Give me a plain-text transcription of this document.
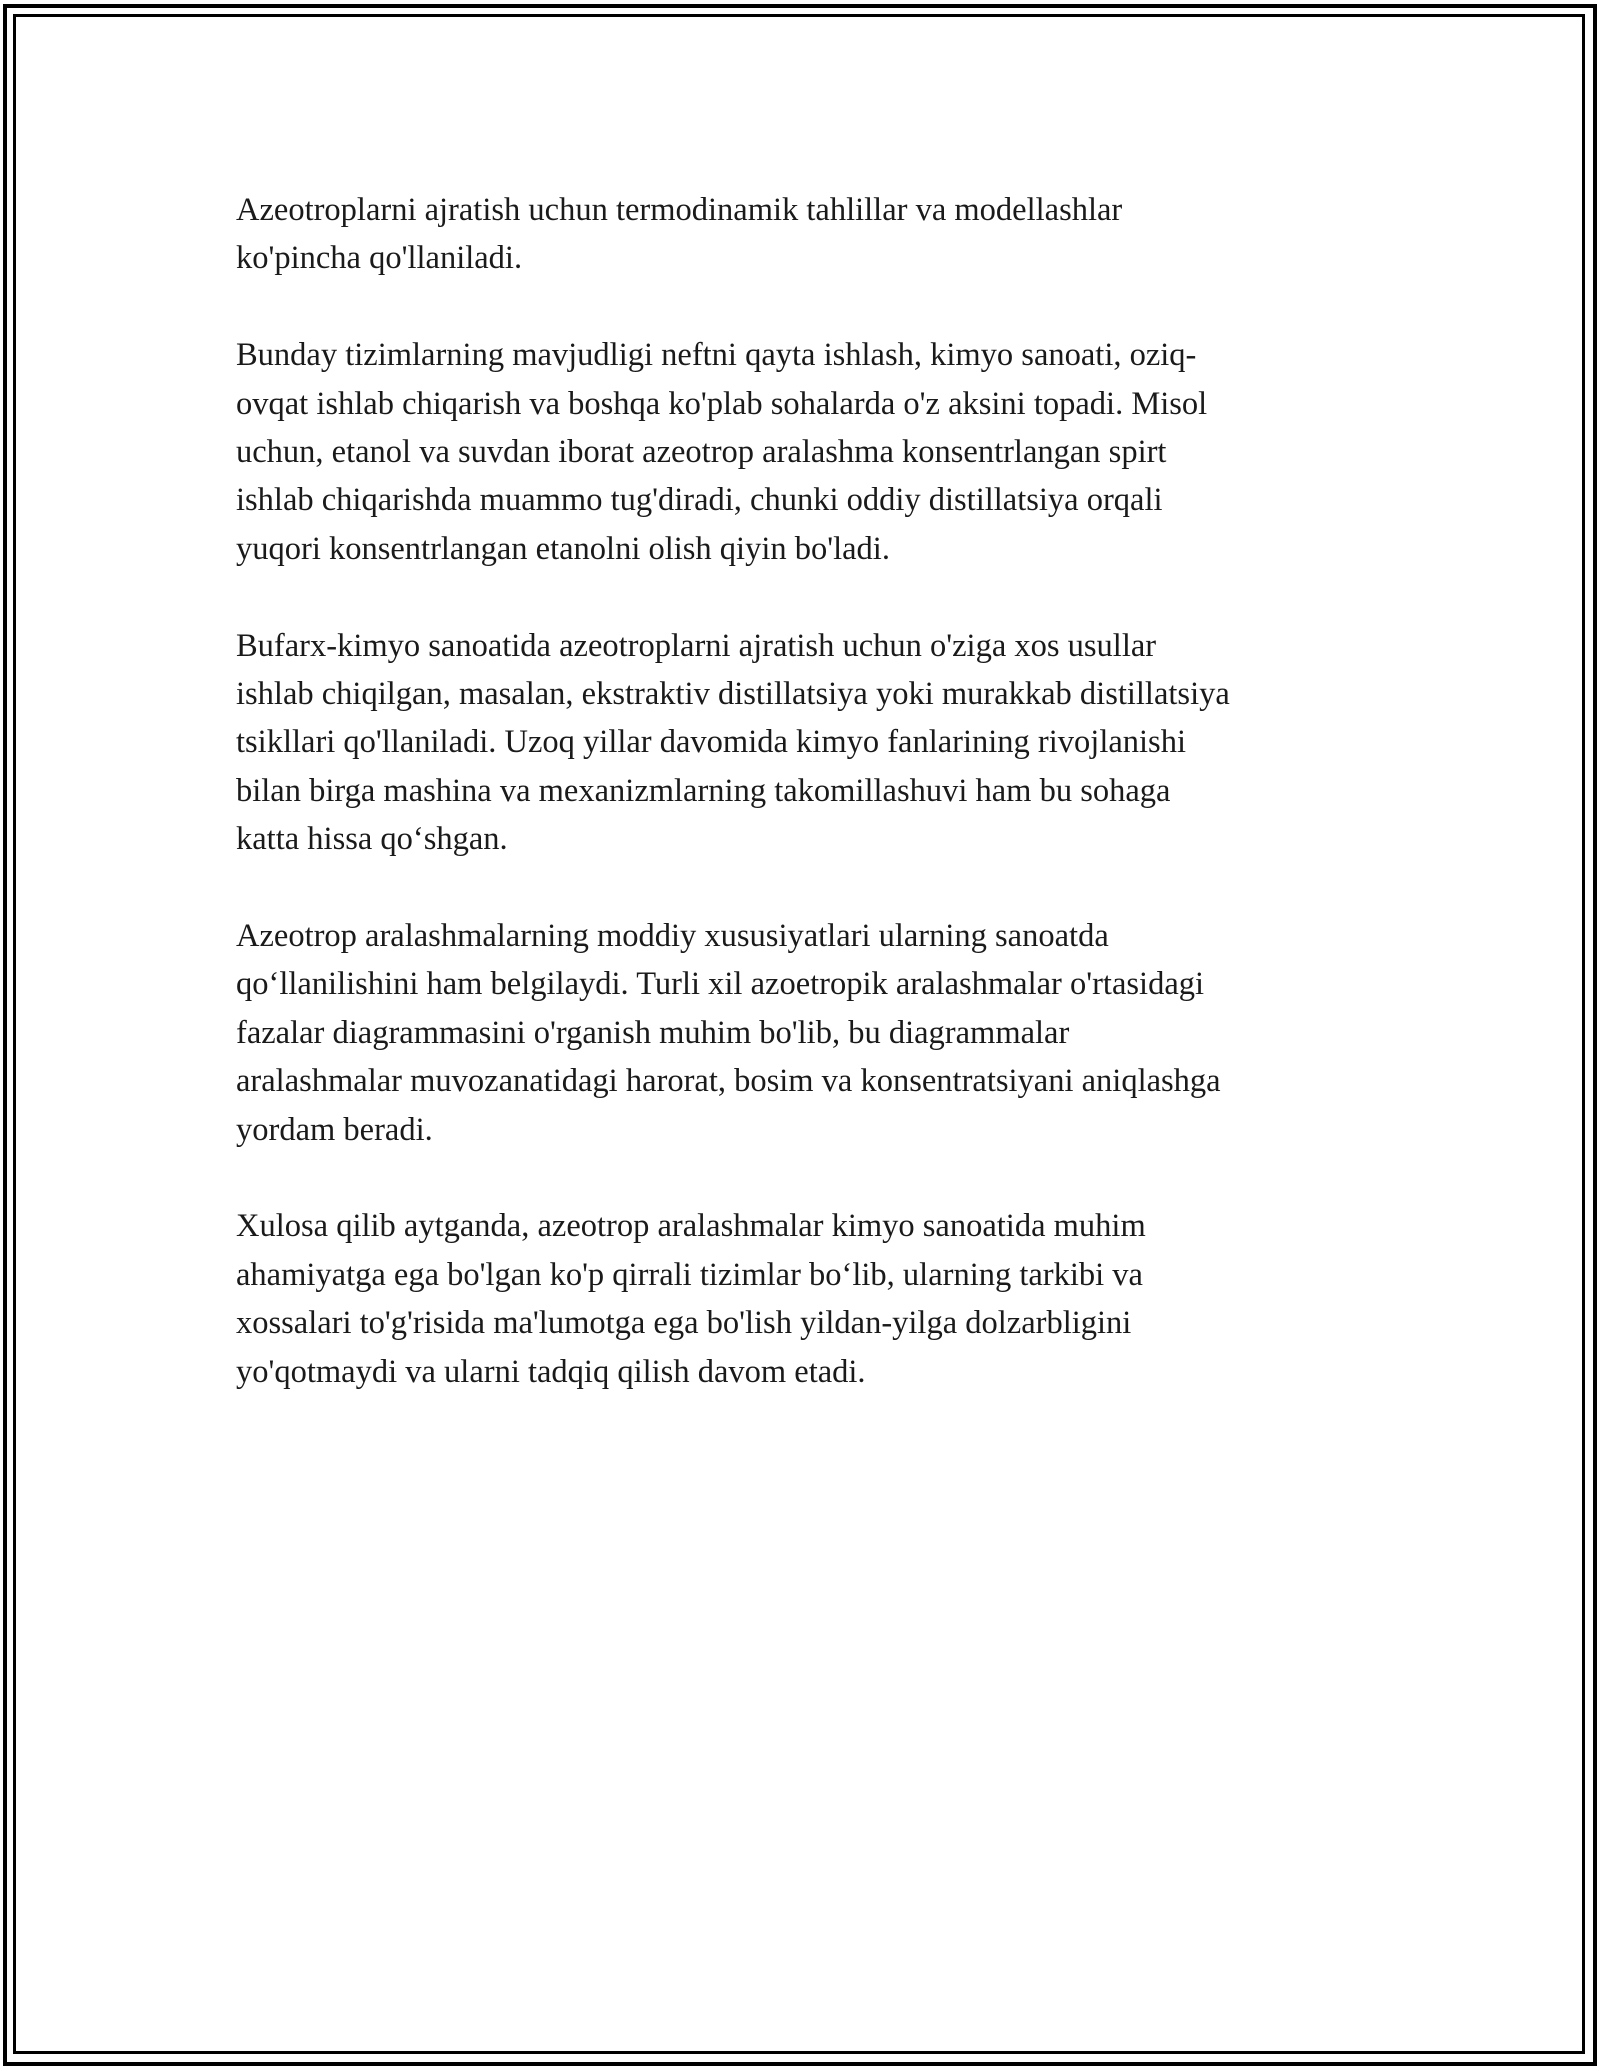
Azeotroplarni ajratish uchun termodinamik tahlillar va modellashlar
ko'pincha qo'llaniladi.

Bunday tizimlarning mavjudligi neftni qayta ishlash, kimyo sanoati, oziq-
ovqat ishlab chiqarish va boshqa ko'plab sohalarda o'z aksini topadi. Misol
uchun, etanol va suvdan iborat azeotrop aralashma konsentrlangan spirt
ishlab chiqarishda muammo tug'diradi, chunki oddiy distillatsiya orqali
yuqori konsentrlangan etanolni olish qiyin bo'ladi.

Bufarx-kimyo sanoatida azeotroplarni ajratish uchun o'ziga xos usullar
ishlab chiqilgan, masalan, ekstraktiv distillatsiya yoki murakkab distillatsiya
tsikllari qo'llaniladi. Uzoq yillar davomida kimyo fanlarining rivojlanishi
bilan birga mashina va mexanizmlarning takomillashuvi ham bu sohaga
katta hissa qo‘shgan.

Azeotrop aralashmalarning moddiy xususiyatlari ularning sanoatda
qo‘llanilishini ham belgilaydi. Turli xil azoetropik aralashmalar o'rtasidagi
fazalar diagrammasini o'rganish muhim bo'lib, bu diagrammalar
aralashmalar muvozanatidagi harorat, bosim va konsentratsiyani aniqlashga
yordam beradi.

Xulosa qilib aytganda, azeotrop aralashmalar kimyo sanoatida muhim
ahamiyatga ega bo'lgan ko'p qirrali tizimlar bo‘lib, ularning tarkibi va
xossalari to'g'risida ma'lumotga ega bo'lish yildan-yilga dolzarbligini
yo'qotmaydi va ularni tadqiq qilish davom etadi.
